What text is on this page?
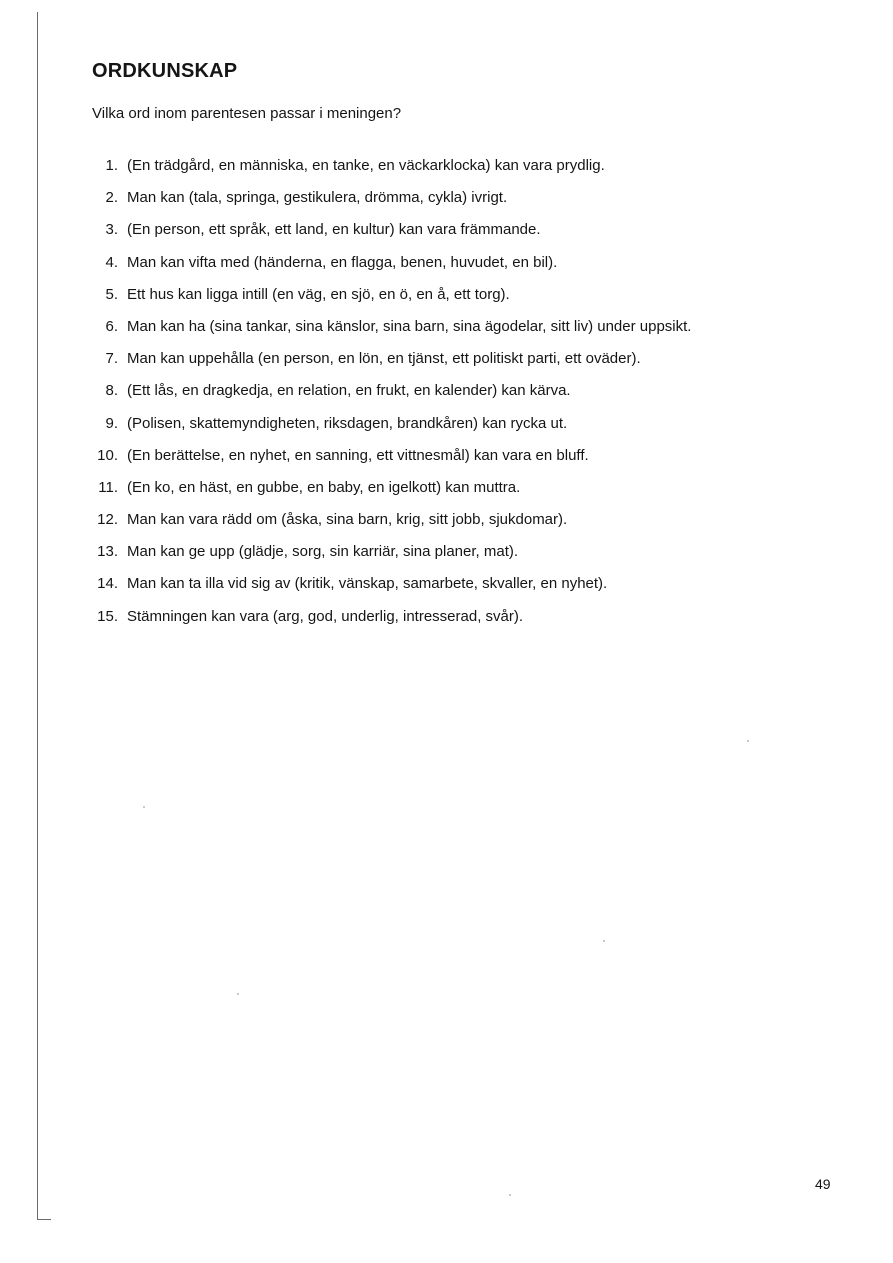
ORDKUNSKAP

Vilka ord inom parentesen passar i meningen?

1. (En trädgård, en människa, en tanke, en väckarklocka) kan vara prydlig.
2. Man kan (tala, springa, gestikulera, drömma, cykla) ivrigt.
3. (En person, ett språk, ett land, en kultur) kan vara främmande.
4. Man kan vifta med (händerna, en flagga, benen, huvudet, en bil).
5. Ett hus kan ligga intill (en väg, en sjö, en ö, en å, ett torg).
6. Man kan ha (sina tankar, sina känslor, sina barn, sina ägodelar, sitt liv) under uppsikt.
7. Man kan uppehålla (en person, en lön, en tjänst, ett politiskt parti, ett oväder).
8. (Ett lås, en dragkedja, en relation, en frukt, en kalender) kan kärva.
9. (Polisen, skattemyndigheten, riksdagen, brandkåren) kan rycka ut.
10. (En berättelse, en nyhet, en sanning, ett vittnesmål) kan vara en bluff.
11. (En ko, en häst, en gubbe, en baby, en igelkott) kan muttra.
12. Man kan vara rädd om (åska, sina barn, krig, sitt jobb, sjukdomar).
13. Man kan ge upp (glädje, sorg, sin karriär, sina planer, mat).
14. Man kan ta illa vid sig av (kritik, vänskap, samarbete, skvaller, en nyhet).
15. Stämningen kan vara (arg, god, underlig, intresserad, svår).
49
